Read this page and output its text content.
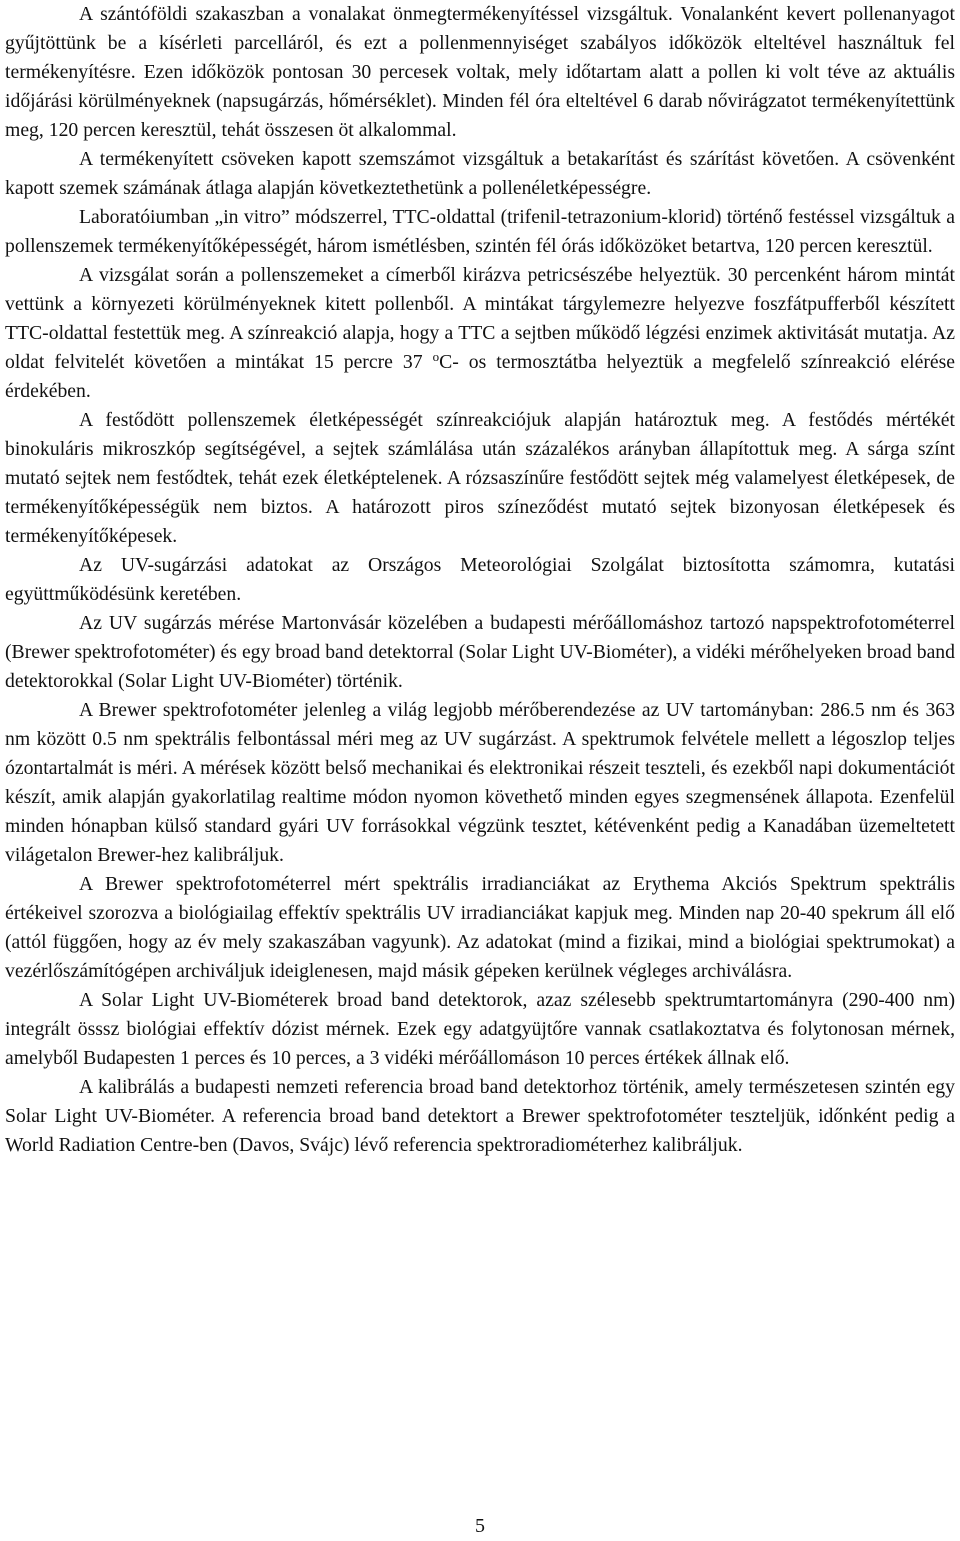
A szántóföldi szakaszban a vonalakat önmegtermékenyítéssel vizsgáltuk. Vonalanként kevert pollenanyagot gyűjtöttünk be a kísérleti parcelláról, és ezt a pollenmennyiséget szabályos időközök elteltével használtuk fel termékenyítésre. Ezen időközök pontosan 30 percesek voltak, mely időtartam alatt a pollen ki volt téve az aktuális időjárási körülményeknek (napsugárzás, hőmérséklet). Minden fél óra elteltével 6 darab nővirágzatot termékenyítettünk meg, 120 percen keresztül, tehát összesen öt alkalommal.

A termékenyített csöveken kapott szemszámot vizsgáltuk a betakarítást és szárítást követően. A csövenként kapott szemek számának átlaga alapján következtethetünk a pollenéletképességre.

Laboratóiumban „in vitro” módszerrel, TTC-oldattal (trifenil-tetrazonium-klorid) történő festéssel vizsgáltuk a pollenszemek termékenyítőképességét, három ismétlésben, szintén fél órás időközöket betartva, 120 percen keresztül.

A vizsgálat során a pollenszemeket a címerből kirázva petricsészébe helyeztük. 30 percenként három mintát vettünk a környezeti körülményeknek kitett pollenből. A mintákat tárgylemezre helyezve foszfátpufferből készített TTC-oldattal festettük meg. A színreakció alapja, hogy a TTC a sejtben működő légzési enzimek aktivitását mutatja. Az oldat felvitelét követően a mintákat 15 percre 37 $^o$C- os termosztátba helyeztük a megfelelő színreakció elérése érdekében.

A festődött pollenszemek életképességét színreakciójuk alapján határoztuk meg. A festődés mértékét binokuláris mikroszkóp segítségével, a sejtek számlálása után százalékos arányban állapítottuk meg. A sárga színt mutató sejtek nem festődtek, tehát ezek életképtelenek. A rózsaszínűre festődött sejtek még valamelyest életképesek, de termékenyítőképességük nem biztos. A határozott piros színeződést mutató sejtek bizonyosan életképesek és termékenyítőképesek.

Az UV-sugárzási adatokat az Országos Meteorológiai Szolgálat biztosította számomra, kutatási együttműködésünk keretében.

Az UV sugárzás mérése Martonvásár közelében a budapesti mérőállomáshoz tartozó napspektrofotométerrel (Brewer spektrofotométer) és egy broad band detektorral (Solar Light UV-Biométer), a vidéki mérőhelyeken broad band detektorokkal (Solar Light UV-Biométer) történik.

A Brewer spektrofotométer jelenleg a világ legjobb mérőberendezése az UV tartományban: 286.5 nm és 363 nm között 0.5 nm spektrális felbontással méri meg az UV sugárzást. A spektrumok felvétele mellett a légoszlop teljes ózontartalmát is méri. A mérések között belső mechanikai és elektronikai részeit teszteli, és ezekből napi dokumentációt készít, amik alapján gyakorlatilag realtime módon nyomon követhető minden egyes szegmensének állapota. Ezenfelül minden hónapban külső standard gyári UV forrásokkal végzünk tesztet, kétévenként pedig a Kanadában üzemeltetett világetalon Brewer-hez kalibráljuk.

A Brewer spektrofotométerrel mért spektrális irradianciákat az Erythema Akciós Spektrum spektrális értékeivel szorozva a biológiailag effektív spektrális UV irradianciákat kapjuk meg. Minden nap 20-40 spekrum áll elő (attól függően, hogy az év mely szakaszában vagyunk). Az adatokat (mind a fizikai, mind a biológiai spektrumokat) a vezérlőszámítógépen archiváljuk ideiglenesen, majd másik gépeken kerülnek végleges archiválásra.

A Solar Light UV-Biométerek broad band detektorok, azaz szélesebb spektrumtartományra (290-400 nm) integrált össsz biológiai effektív dózist mérnek. Ezek egy adatgyüjtőre vannak csatlakoztatva és folytonosan mérnek, amelyből Budapesten 1 perces és 10 perces, a 3 vidéki mérőállomáson 10 perces értékek állnak elő.

A kalibrálás a budapesti nemzeti referencia broad band detektorhoz történik, amely természetesen szintén egy Solar Light UV-Biométer. A referencia broad band detektort a Brewer spektrofotométer teszteljük, időnként pedig a World Radiation Centre-ben (Davos, Svájc) lévő referencia spektroradiométerhez kalibráljuk.

5
